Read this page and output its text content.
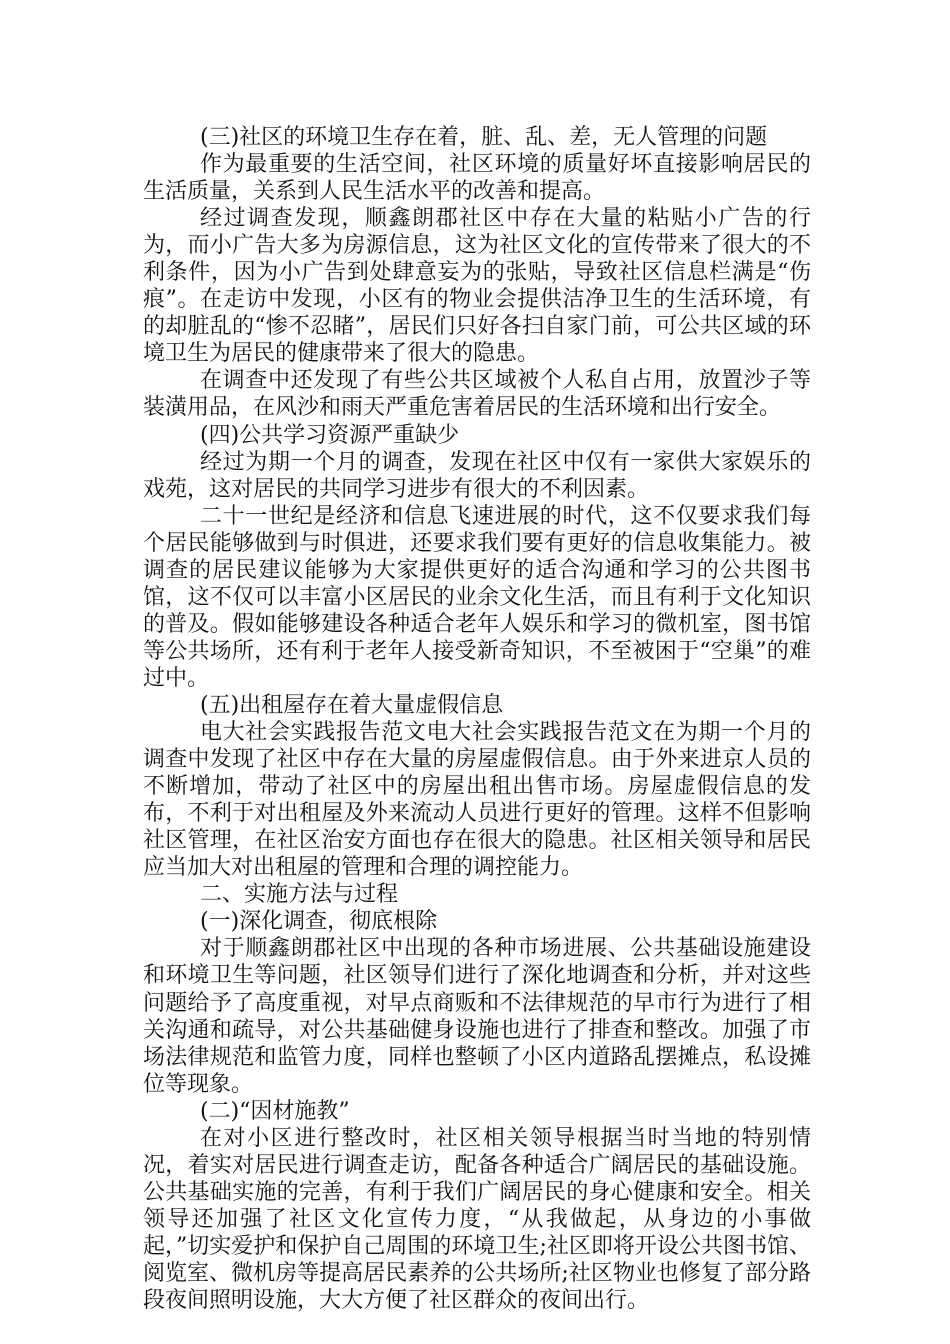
(三)社区的环境卫生存在着，脏、乱、差，无人管理的问题

作为最重要的生活空间，社区环境的质量好坏直接影响居民的生活质量，关系到人民生活水平的改善和提高。

经过调查发现，顺鑫朗郡社区中存在大量的粘贴小广告的行为，而小广告大多为房源信息，这为社区文化的宣传带来了很大的不利条件，因为小广告到处肆意妄为的张贴，导致社区信息栏满是“伤痕”。在走访中发现，小区有的物业会提供洁净卫生的生活环境，有的却脏乱的“惨不忍睹”，居民们只好各扫自家门前，可公共区域的环境卫生为居民的健康带来了很大的隐患。

在调查中还发现了有些公共区域被个人私自占用，放置沙子等装潢用品，在风沙和雨天严重危害着居民的生活环境和出行安全。

(四)公共学习资源严重缺少

经过为期一个月的调查，发现在社区中仅有一家供大家娱乐的戏苑，这对居民的共同学习进步有很大的不利因素。

二十一世纪是经济和信息飞速进展的时代，这不仅要求我们每个居民能够做到与时俱进，还要求我们要有更好的信息收集能力。被调查的居民建议能够为大家提供更好的适合沟通和学习的公共图书馆，这不仅可以丰富小区居民的业余文化生活，而且有利于文化知识的普及。假如能够建设各种适合老年人娱乐和学习的微机室，图书馆等公共场所，还有利于老年人接受新奇知识，不至被困于“空巢”的难过中。

(五)出租屋存在着大量虚假信息

电大社会实践报告范文电大社会实践报告范文在为期一个月的调查中发现了社区中存在大量的房屋虚假信息。由于外来进京人员的不断增加，带动了社区中的房屋出租出售市场。房屋虚假信息的发布，不利于对出租屋及外来流动人员进行更好的管理。这样不但影响社区管理，在社区治安方面也存在很大的隐患。社区相关领导和居民应当加大对出租屋的管理和合理的调控能力。

二、实施方法与过程

(一)深化调查，彻底根除

对于顺鑫朗郡社区中出现的各种市场进展、公共基础设施建设和环境卫生等问题，社区领导们进行了深化地调查和分析，并对这些问题给予了高度重视，对早点商贩和不法律规范的早市行为进行了相关沟通和疏导，对公共基础健身设施也进行了排查和整改。加强了市场法律规范和监管力度，同样也整顿了小区内道路乱摆摊点，私设摊位等现象。

(二)“因材施教”

在对小区进行整改时，社区相关领导根据当时当地的特别情况，着实对居民进行调查走访，配备各种适合广阔居民的基础设施。公共基础实施的完善，有利于我们广阔居民的身心健康和安全。相关领导还加强了社区文化宣传力度，“从我做起，从身边的小事做起，”切实爱护和保护自己周围的环境卫生;社区即将开设公共图书馆、阅览室、微机房等提高居民素养的公共场所;社区物业也修复了部分路段夜间照明设施，大大方便了社区群众的夜间出行。
